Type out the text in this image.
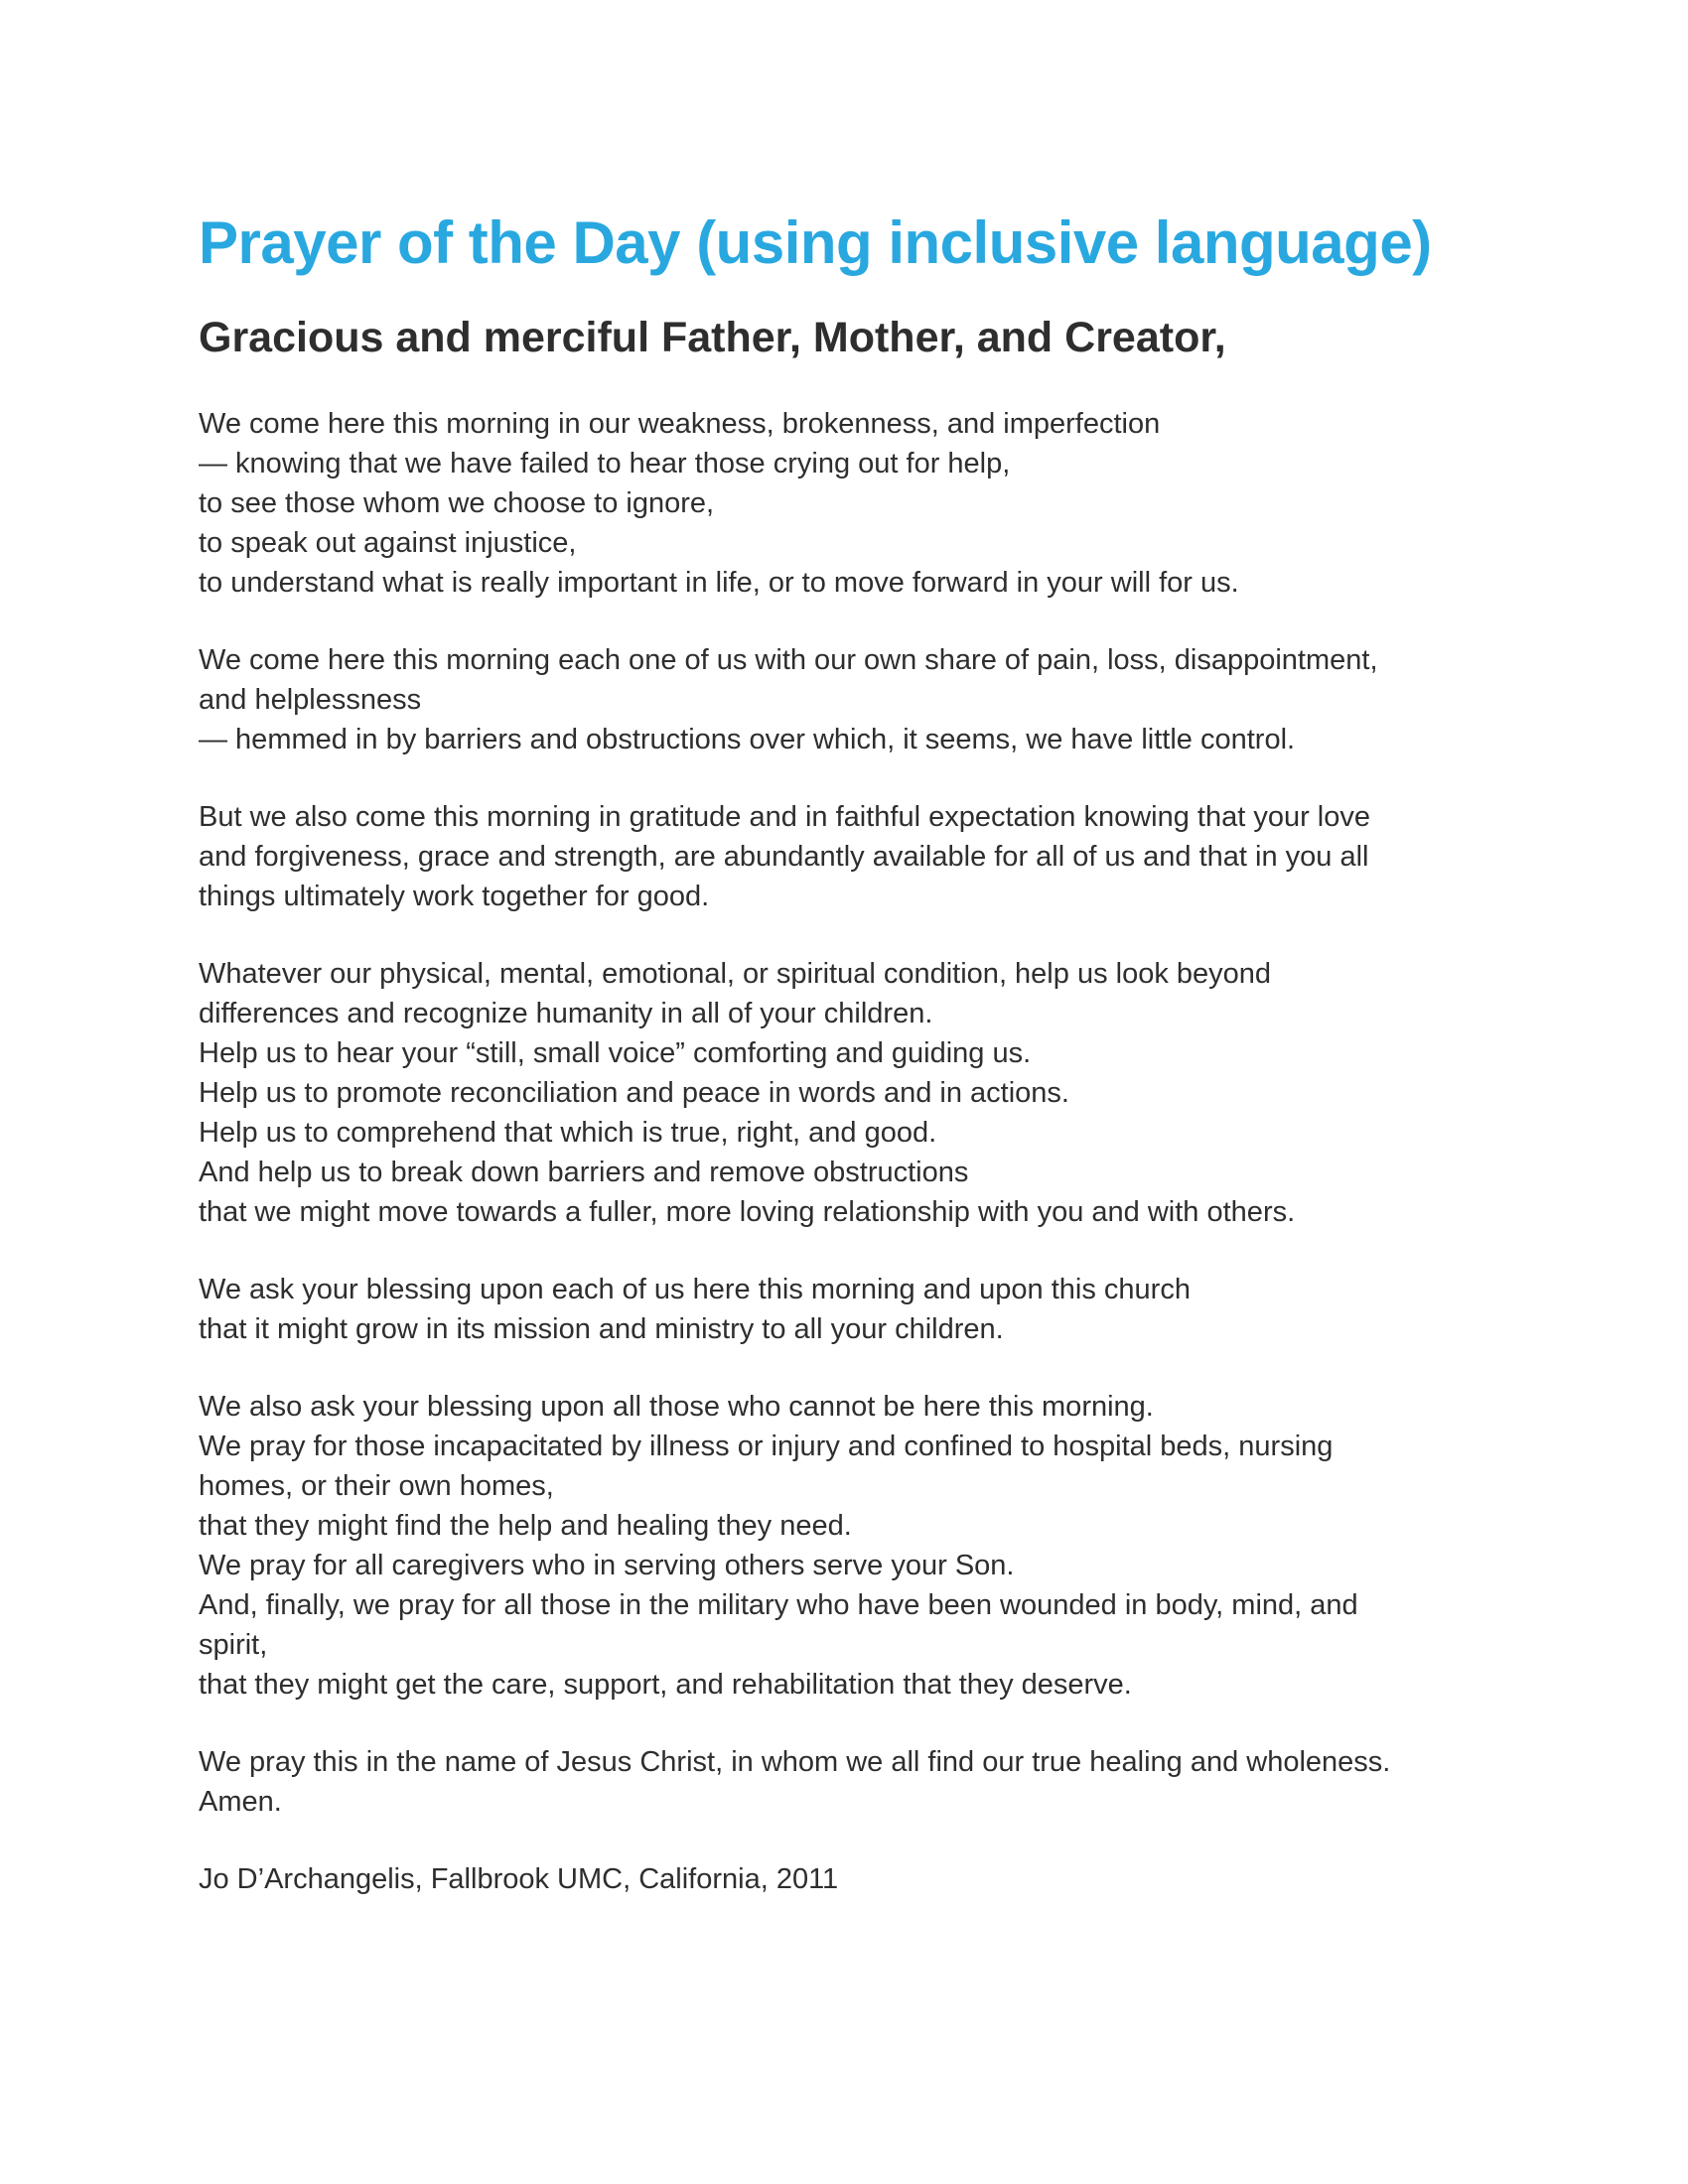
Prayer of the Day (using inclusive language)
Gracious and merciful Father, Mother, and Creator,
We come here this morning in our weakness, brokenness, and imperfection
— knowing that we have failed to hear those crying out for help,
to see those whom we choose to ignore,
to speak out against injustice,
to understand what is really important in life, or to move forward in your will for us.
We come here this morning each one of us with our own share of pain, loss, disappointment,
and helplessness
— hemmed in by barriers and obstructions over which, it seems, we have little control.
But we also come this morning in gratitude and in faithful expectation knowing that your love
and forgiveness, grace and strength, are abundantly available for all of us and that in you all
things ultimately work together for good.
Whatever our physical, mental, emotional, or spiritual condition, help us look beyond
differences and recognize humanity in all of your children.
Help us to hear your “still, small voice” comforting and guiding us.
Help us to promote reconciliation and peace in words and in actions.
Help us to comprehend that which is true, right, and good.
And help us to break down barriers and remove obstructions
that we might move towards a fuller, more loving relationship with you and with others.
We ask your blessing upon each of us here this morning and upon this church
that it might grow in its mission and ministry to all your children.
We also ask your blessing upon all those who cannot be here this morning.
We pray for those incapacitated by illness or injury and confined to hospital beds, nursing
homes, or their own homes,
that they might find the help and healing they need.
We pray for all caregivers who in serving others serve your Son.
And, finally, we pray for all those in the military who have been wounded in body, mind, and
spirit,
that they might get the care, support, and rehabilitation that they deserve.
We pray this in the name of Jesus Christ, in whom we all find our true healing and wholeness.
Amen.

Jo D’Archangelis, Fallbrook UMC, California, 2011
